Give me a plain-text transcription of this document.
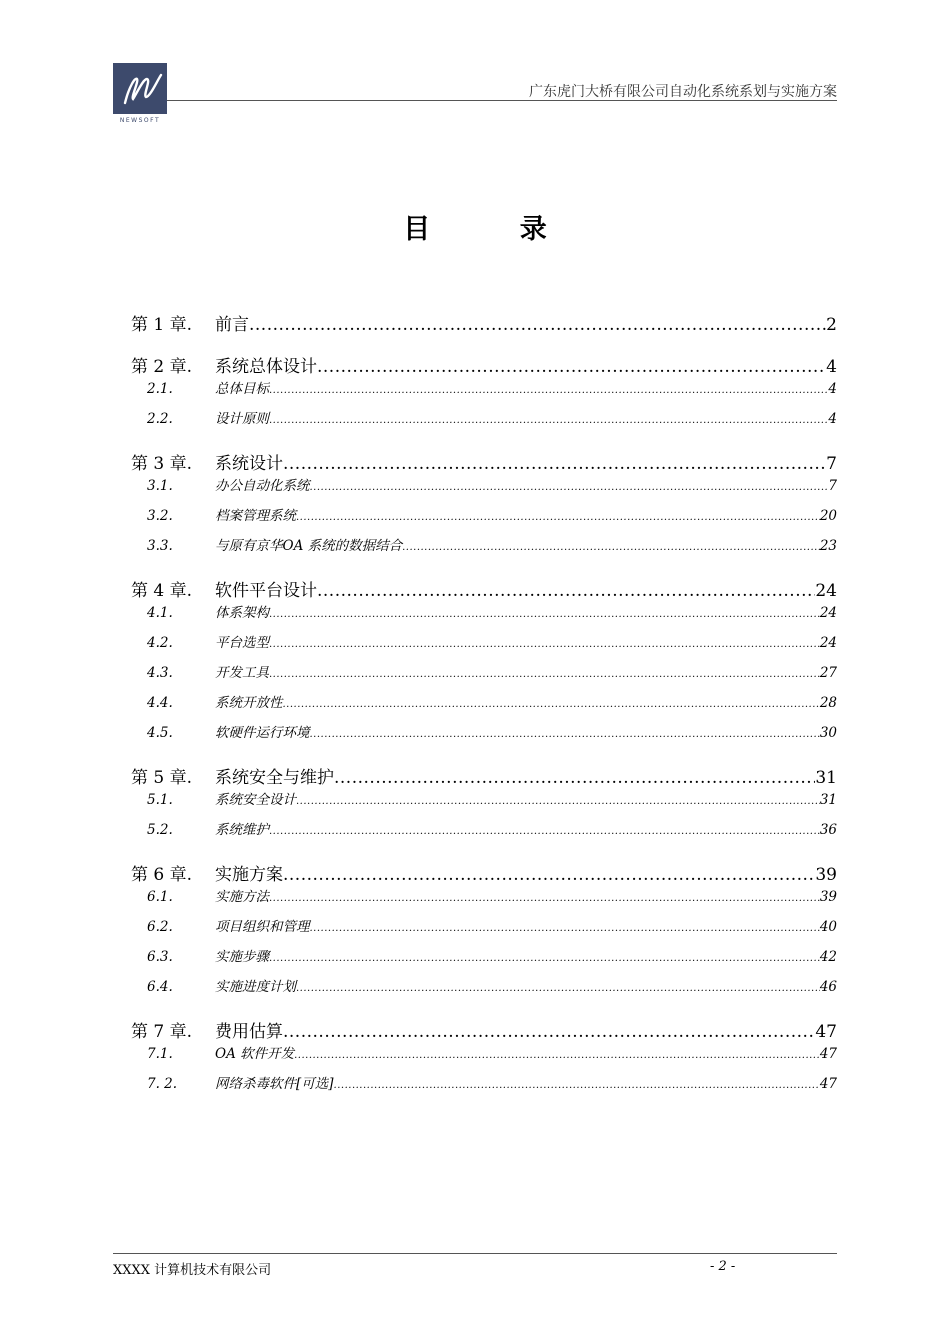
NEWSOFT
广东虎门大桥有限公司自动化系统系划与实施方案
目 录
第 1 章.	前言 .....	2
第 2 章.	系统总体设计 .....	4
2.1.	总体目标 .....	4
2.2.	设计原则 .....	4
第 3 章.	系统设计 .....	7
3.1.	办公自动化系统 .....	7
3.2.	档案管理系统 .....	20
3.3.	与原有京华OA 系统的数据结合 .....	23
第 4 章.	软件平台设计 .....	24
4.1.	体系架构 .....	24
4.2.	平台选型 .....	24
4.3.	开发工具 .....	27
4.4.	系统开放性 .....	28
4.5.	软硬件运行环境 .....	30
第 5 章.	系统安全与维护 .....	31
5.1.	系统安全设计 .....	31
5.2.	系统维护 .....	36
第 6 章.	实施方案 .....	39
6.1.	实施方法 .....	39
6.2.	项目组织和管理 .....	40
6.3.	实施步骤 .....	42
6.4.	实施进度计划 .....	46
第 7 章.	费用估算 .....	47
7.1.	OA 软件开发 .....	47
7. 2.	网络杀毒软件[可选] .....	47
XXXX 计算机技术有限公司	- 2 -
